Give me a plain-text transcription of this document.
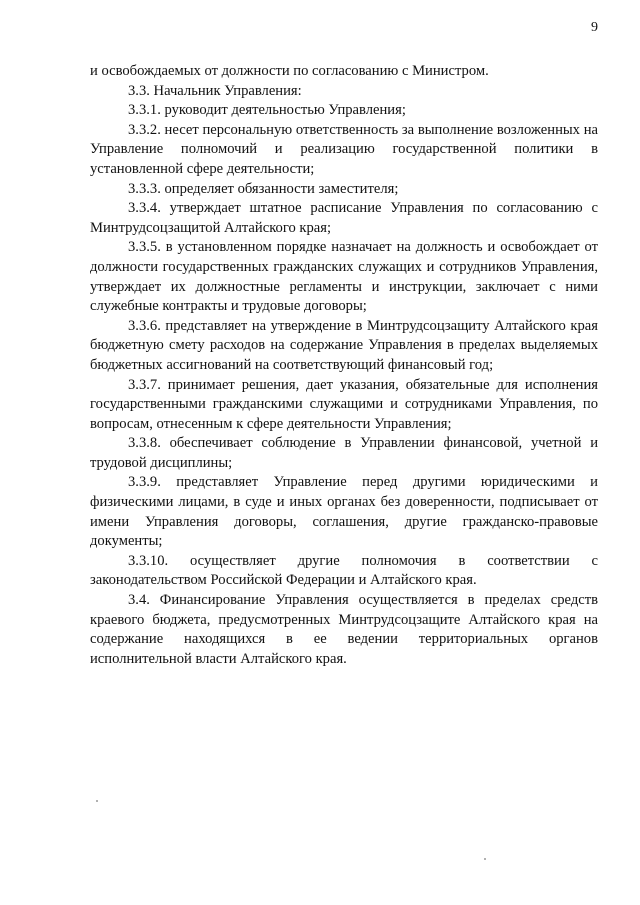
9

и освобождаемых от должности по согласованию с Министром.

3.3. Начальник Управления:

3.3.1. руководит деятельностью Управления;

3.3.2. несет персональную ответственность за выполнение возложенных на Управление полномочий и реализацию государственной политики в установленной сфере деятельности;

3.3.3. определяет обязанности заместителя;

3.3.4. утверждает штатное расписание Управления по согласованию с Минтрудсоцзащитой Алтайского края;

3.3.5. в установленном порядке назначает на должность и освобождает от должности государственных гражданских служащих и сотрудников Управления, утверждает их должностные регламенты и инструкции, заключает с ними служебные контракты и трудовые договоры;

3.3.6. представляет на утверждение в Минтрудсоцзащиту Алтайского края бюджетную смету расходов на содержание Управления в пределах выделяемых бюджетных ассигнований на соответствующий финансовый год;

3.3.7. принимает решения, дает указания, обязательные для исполнения государственными гражданскими служащими и сотрудниками Управления, по вопросам, отнесенным к сфере деятельности Управления;

3.3.8. обеспечивает соблюдение в Управлении финансовой, учетной и трудовой дисциплины;

3.3.9. представляет Управление перед другими юридическими и физическими лицами, в суде и иных органах без доверенности, подписывает от имени Управления договоры, соглашения, другие гражданско-правовые документы;

3.3.10. осуществляет другие полномочия в соответствии с законодательством Российской Федерации и Алтайского края.

3.4. Финансирование Управления осуществляется в пределах средств краевого бюджета, предусмотренных Минтрудсоцзащите Алтайского края на содержание находящихся в ее ведении территориальных органов исполнительной власти Алтайского края.
